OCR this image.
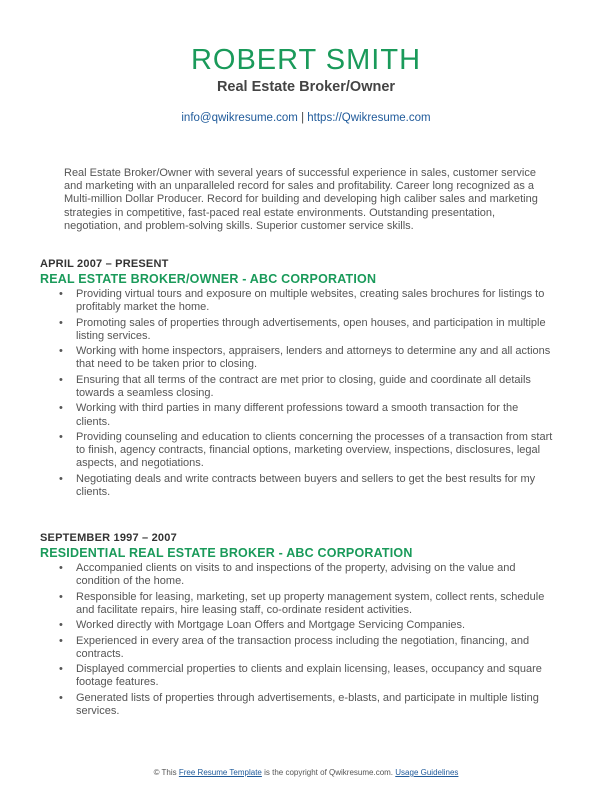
ROBERT SMITH
Real Estate Broker/Owner
info@qwikresume.com | https://Qwikresume.com
Real Estate Broker/Owner with several years of successful experience in sales, customer service and marketing with an unparalleled record for sales and profitability. Career long recognized as a Multi-million Dollar Producer. Record for building and developing high caliber sales and marketing strategies in competitive, fast-paced real estate environments. Outstanding presentation, negotiation, and problem-solving skills. Superior customer service skills.
APRIL 2007 – PRESENT
REAL ESTATE BROKER/OWNER - ABC CORPORATION
• Providing virtual tours and exposure on multiple websites, creating sales brochures for listings to profitably market the home.
• Promoting sales of properties through advertisements, open houses, and participation in multiple listing services.
• Working with home inspectors, appraisers, lenders and attorneys to determine any and all actions that need to be taken prior to closing.
• Ensuring that all terms of the contract are met prior to closing, guide and coordinate all details towards a seamless closing.
• Working with third parties in many different professions toward a smooth transaction for the clients.
• Providing counseling and education to clients concerning the processes of a transaction from start to finish, agency contracts, financial options, marketing overview, inspections, disclosures, legal aspects, and negotiations.
• Negotiating deals and write contracts between buyers and sellers to get the best results for my clients.
SEPTEMBER 1997 – 2007
RESIDENTIAL REAL ESTATE BROKER - ABC CORPORATION
• Accompanied clients on visits to and inspections of the property, advising on the value and condition of the home.
• Responsible for leasing, marketing, set up property management system, collect rents, schedule and facilitate repairs, hire leasing staff, co-ordinate resident activities.
• Worked directly with Mortgage Loan Offers and Mortgage Servicing Companies.
• Experienced in every area of the transaction process including the negotiation, financing, and contracts.
• Displayed commercial properties to clients and explain licensing, leases, occupancy and square footage features.
• Generated lists of properties through advertisements, e-blasts, and participate in multiple listing services.
© This Free Resume Template is the copyright of Qwikresume.com. Usage Guidelines
